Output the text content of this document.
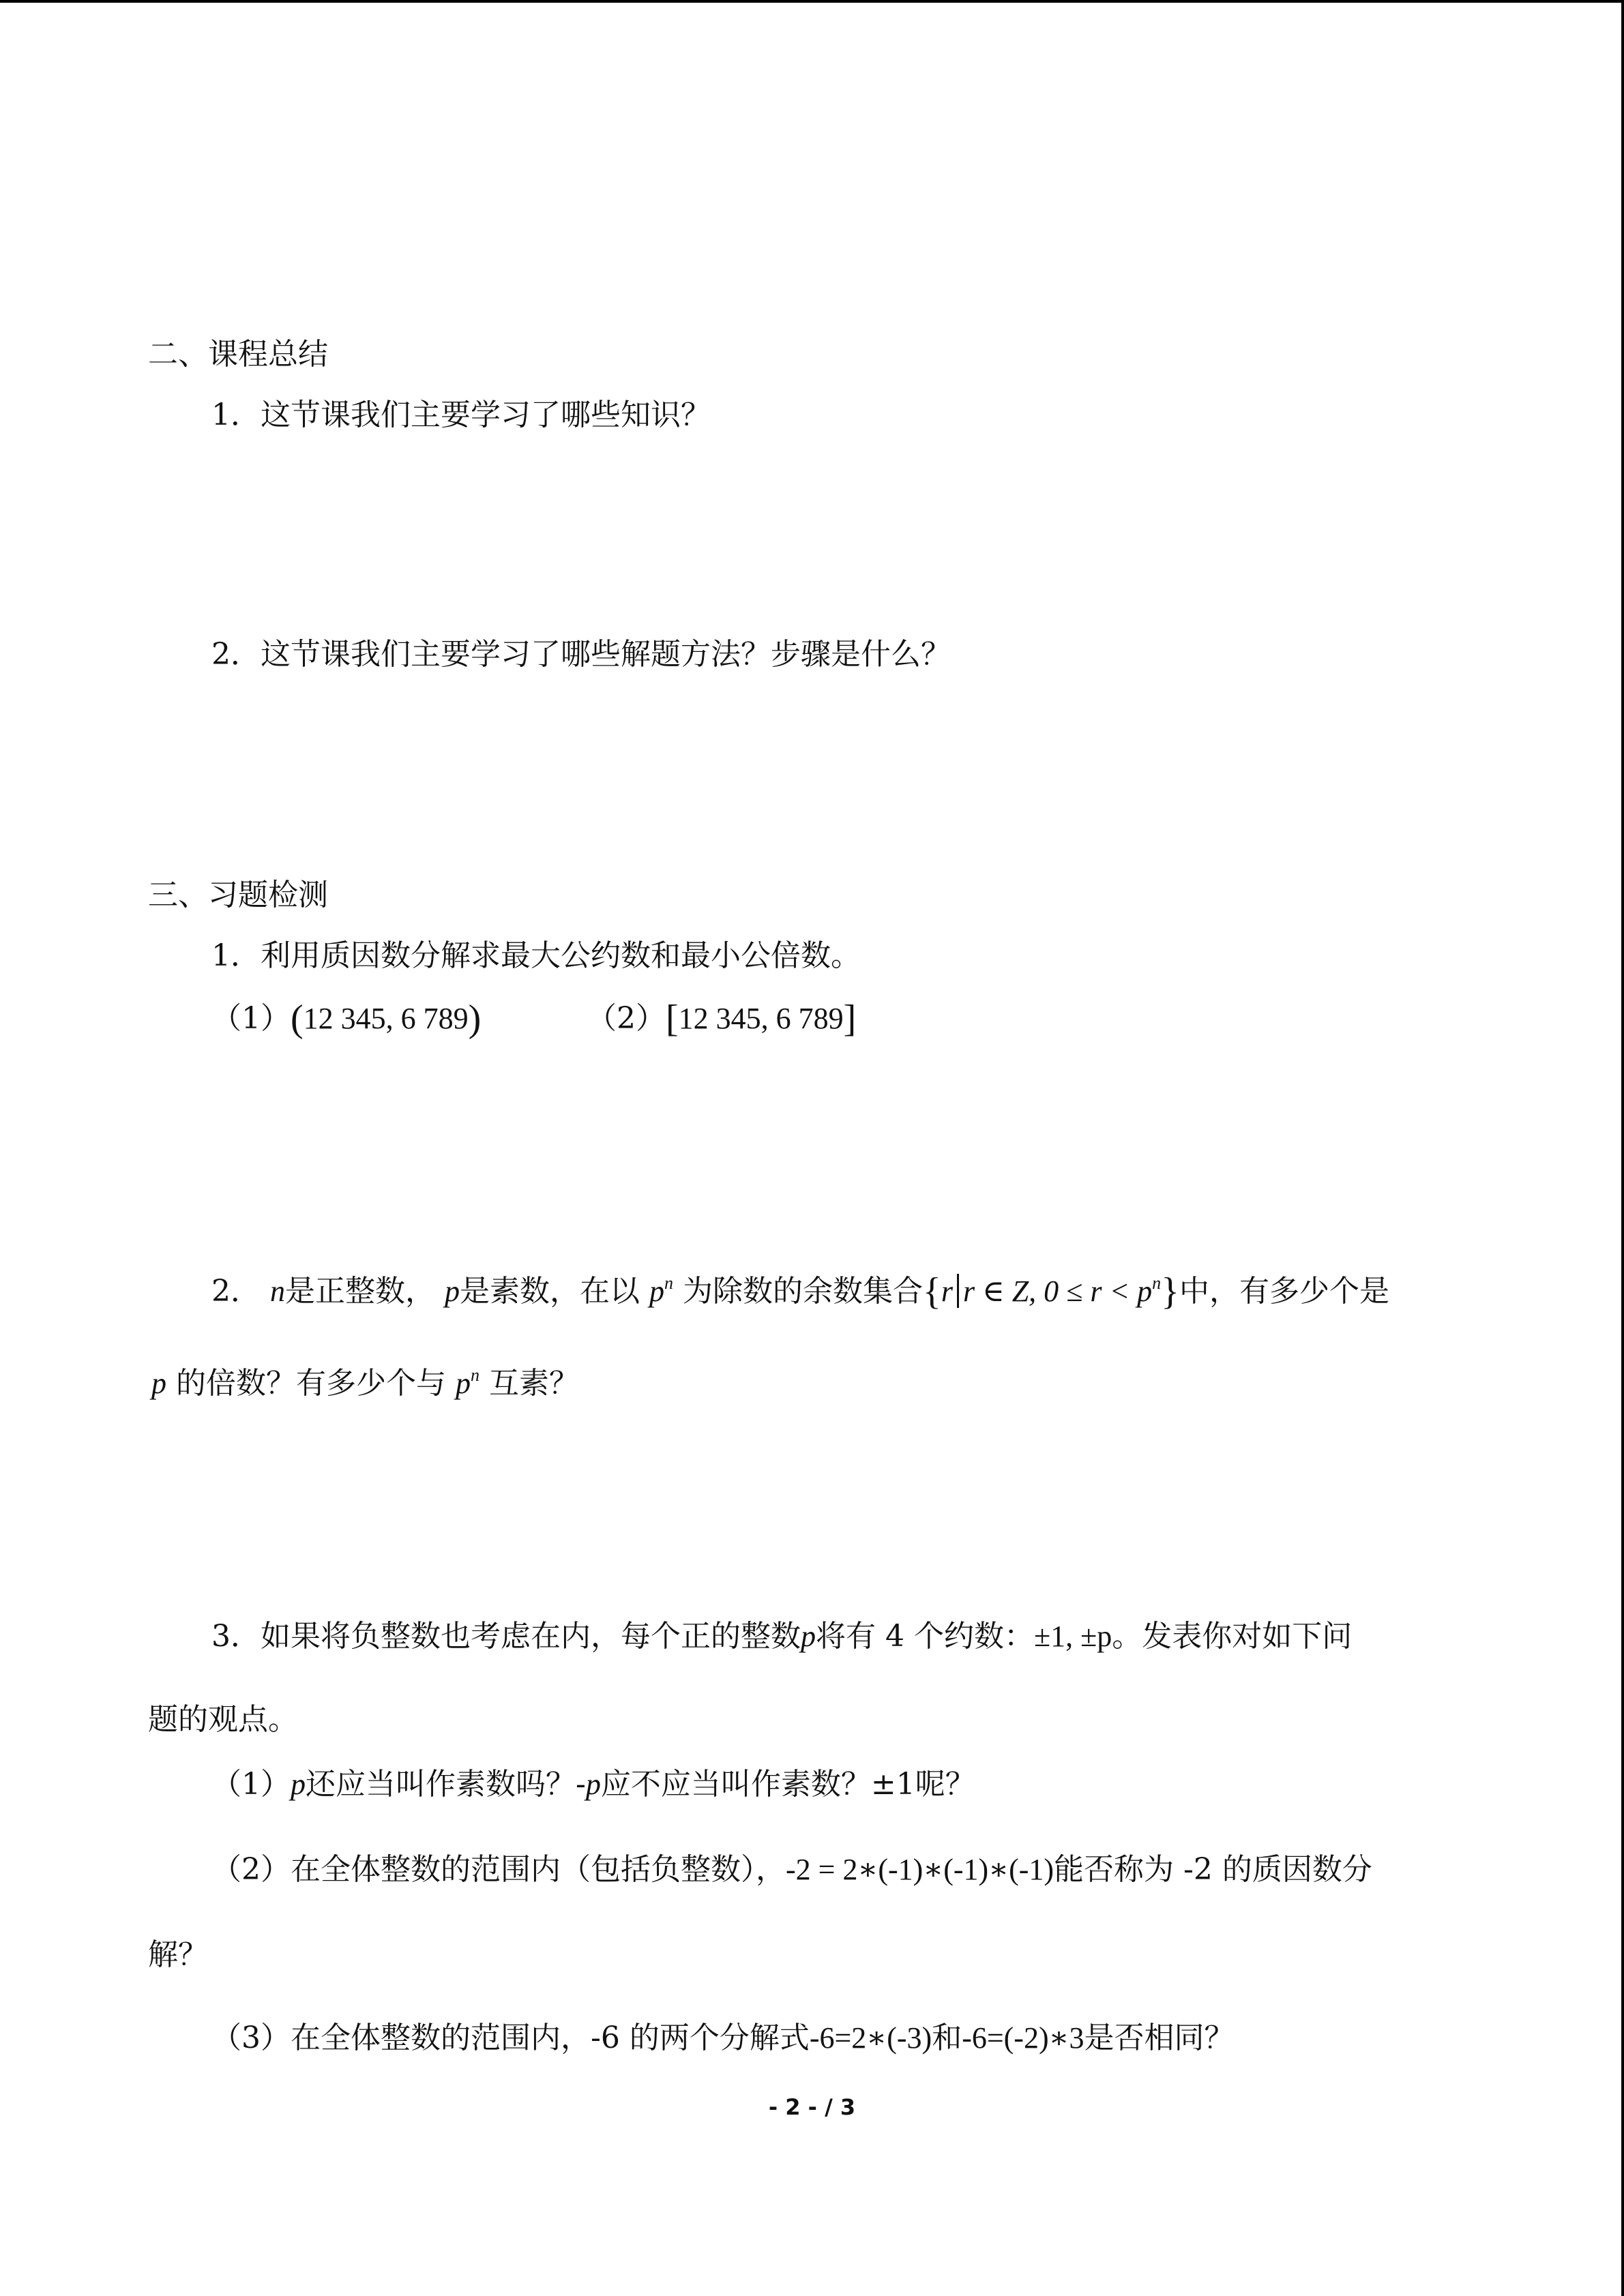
二、课程总结
1．这节课我们主要学习了哪些知识？
2．这节课我们主要学习了哪些解题方法？步骤是什么？
三、习题检测
1．利用质因数分解求最大公约数和最小公倍数。
（1）(12 345, 6 789)	（2）[12 345, 6 789]
2． n是正整数， p是素数，在以 $p^n$ 为除数的余数集合{r r ∈ Z, $0 \le r < p^n$}中，有多少个是
p 的倍数？有多少个与 $p^n$ 互素？
3．如果将负整数也考虑在内，每个正的整数p将有 4 个约数：±1, ±p。发表你对如下问
题的观点。
（1）p还应当叫作素数吗？-p应不应当叫作素数？±1呢？
（2）在全体整数的范围内（包括负整数），-2 = 2∗(-1)∗(-1)∗(-1)能否称为 -2 的质因数分
解？
（3）在全体整数的范围内，-6 的两个分解式-6=2∗(-3)和-6=(-2)∗3是否相同？
- 2 - / 3
